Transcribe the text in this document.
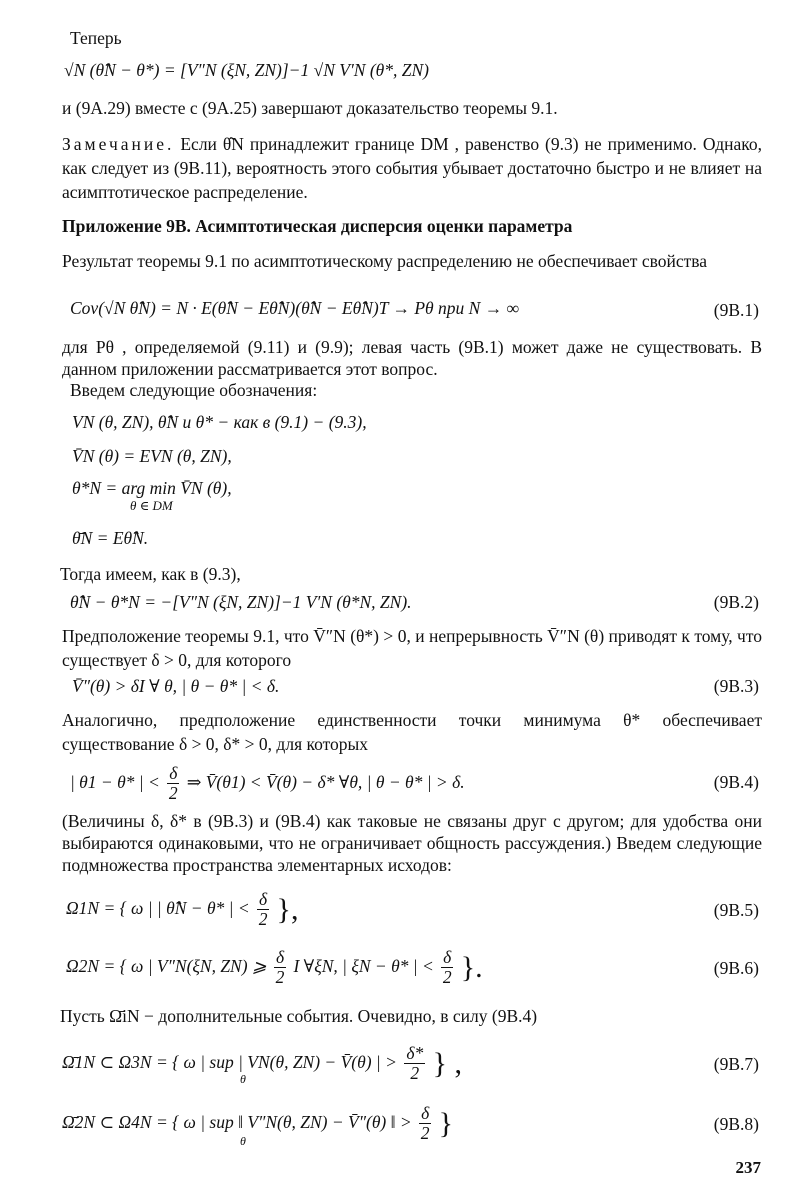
Теперь
√N (θ̂N − θ*) = [V″N (ξN, ZN)]−1 √N V′N (θ*, ZN)
и (9А.29) вместе с (9А.25) завершают доказательство теоремы 9.1.
Замечание. Если θ̂N принадлежит границе DM , равенство (9.3) не применимо. Однако, как следует из (9В.11), вероятность этого события убывает достаточно быстро и не влияет на асимптотическое распределение.
Приложение 9В. Асимптотическая дисперсия оценки параметра
Результат теоремы 9.1 по асимптотическому распределению не обеспечивает свойства
Cov(√N θ̂N) = N · E(θ̂N − Eθ̂N)(θ̂N − Eθ̂N)T → Pθ при N → ∞	(9В.1)
для Pθ , определяемой (9.11) и (9.9); левая часть (9В.1) может даже не существовать. В данном приложении рассматривается этот вопрос.
Введем следующие обозначения:
VN (θ, ZN), θ̂N и θ* − как в (9.1) − (9.3),
V̄N (θ) = EVN (θ, ZN),
θ*N = arg min V̄N (θ),
θ ∈ DM
θ̄N = Eθ̂N.
Тогда имеем, как в (9.3),
θ̂N − θ*N = −[V″N (ξN, ZN)]−1 V′N (θ*N, ZN).	(9В.2)
Предположение теоремы 9.1, что V̄″N (θ*) > 0, и непрерывность V̄″N (θ) приводят к тому, что существует δ > 0, для которого
V̄″(θ) > δI ∀ θ, | θ − θ* | < δ.	(9В.3)
Аналогично, предположение единственности точки минимума θ* обеспечивает существование δ > 0, δ* > 0, для которых
| θ1 − θ* | < $\frac{\delta}{2}$ ⇒ V̄(θ1) < V̄(θ) − δ* ∀θ, | θ − θ* | > δ.	(9В.4)
(Величины δ, δ* в (9В.3) и (9В.4) как таковые не связаны друг с другом; для удобства они выбираются одинаковыми, что не ограничивает общность рассуждения.) Введем следующие подмножества пространства элементарных исходов:
Ω1N = { ω | | θ̂N − θ* | < $\frac{\delta}{2}$ },	(9В.5)
Ω2N = { ω | V″N(ξN, ZN) ⩾ $\frac{\delta}{2}$ I ∀ξN, | ξN − θ* | < $\frac{\delta}{2}$ }.	(9В.6)
Пусть Ω̄iN − дополнительные события. Очевидно, в силу (9В.4)
Ω̄1N ⊂ Ω3N = { ω | sup | VN(θ, ZN) − V̄(θ) | > $\frac{\delta*}{2}$ } ,
θ
(9В.7)
Ω̄2N ⊂ Ω4N = { ω | sup ‖ V″N(θ, ZN) − V̄″(θ) ‖ > $\frac{\delta}{2}$ }
θ
(9В.8)
237
